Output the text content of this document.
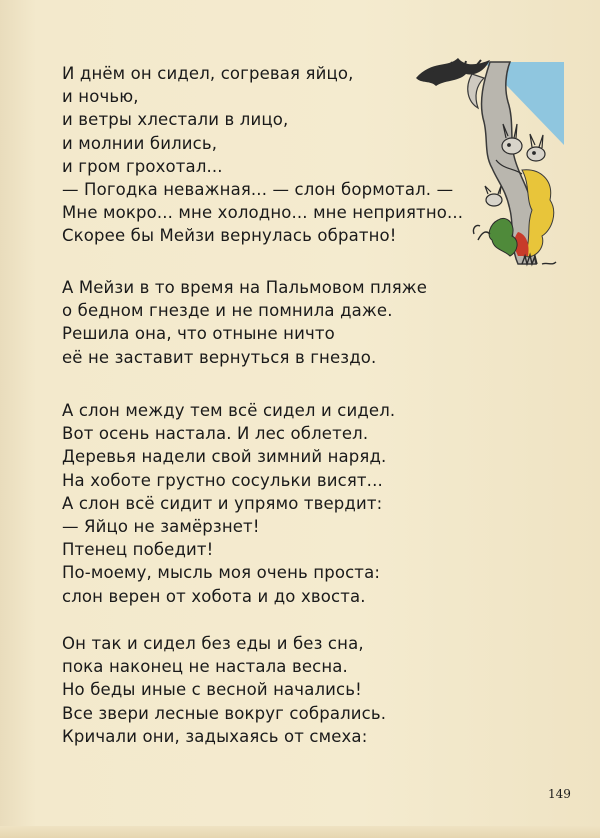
И днём он сидел, согревая яйцо,
и ночью,
и ветры хлестали в лицо,
и молнии бились,
и гром грохотал...
— Погодка неважная... — слон бормотал. —
Мне мокро... мне холодно... мне неприятно...
Скорее бы Мейзи вернулась обратно!
А Мейзи в то время на Пальмовом пляже
о бедном гнезде и не помнила даже.
Решила она, что отныне ничто
её не заставит вернуться в гнездо.
А слон между тем всё сидел и сидел.
Вот осень настала. И лес облетел.
Деревья надели свой зимний наряд.
На хоботе грустно сосульки висят...
А слон всё сидит и упрямо твердит:
— Яйцо не замёрзнет!
Птенец победит!
По-моему, мысль моя очень проста:
слон верен от хобота и до хвоста.
Он так и сидел без еды и без сна,
пока наконец не настала весна.
Но беды иные с весной начались!
Все звери лесные вокруг собрались.
Кричали они, задыхаясь от смеха:
149
